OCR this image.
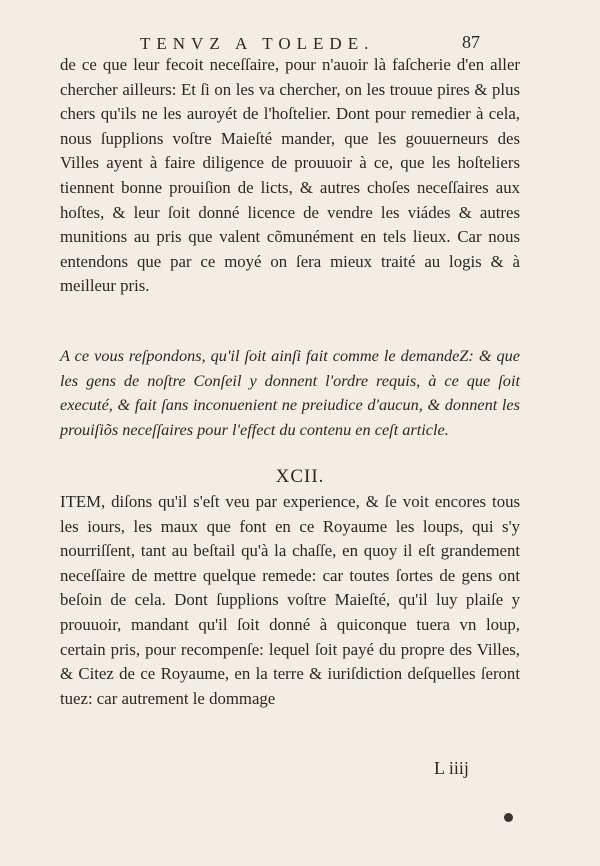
TENVZ A TOLEDE.	87

de ce que leur fecoit neceſſaire, pour n'auoir là faſcherie d'en aller chercher ailleurs: Et ſi on les va chercher, on les trouue pires & plus chers qu'ils ne les auroyét de l'hoſtelier. Dont pour remedier à cela, nous ſupplions voſtre Maieſté mander, que les gouuerneurs des Villes ayent à faire diligence de prouuoir à ce, que les hoſteliers tiennent bonne prouiſion de licts, & autres choſes neceſſaires aux hoſtes, & leur ſoit donné licence de vendre les viádes & autres munitions au pris que valent cõmunément en tels lieux. Car nous entendons que par ce moyé on ſera mieux traité au logis & à meilleur pris.

A ce vous reſpondons, qu'il ſoit ainſi fait comme le demandeZ: & que les gens de noſtre Conſeil y donnent l'ordre requis, à ce que ſoit executé, & fait ſans inconuenient ne preiudice d'aucun, & donnent les prouiſiõs neceſſaires pour l'effect du contenu en ceſt article.

XCII.

ITEM, diſons qu'il s'eſt veu par experience, & ſe voit encores tous les iours, les maux que font en ce Royaume les loups, qui s'y nourriſſent, tant au beſtail qu'à la chaſſe, en quoy il eſt grandement neceſſaire de mettre quelque remede: car toutes ſortes de gens ont beſoin de cela. Dont ſupplions voſtre Maieſté, qu'il luy plaiſe y prouuoir, mandant qu'il ſoit donné à quiconque tuera vn loup, certain pris, pour recompenſe: lequel ſoit payé du propre des Villes, & Citez de ce Royaume, en la terre & iuriſdiction deſquelles ſeront tuez: car autrement le dommage

L iiij
